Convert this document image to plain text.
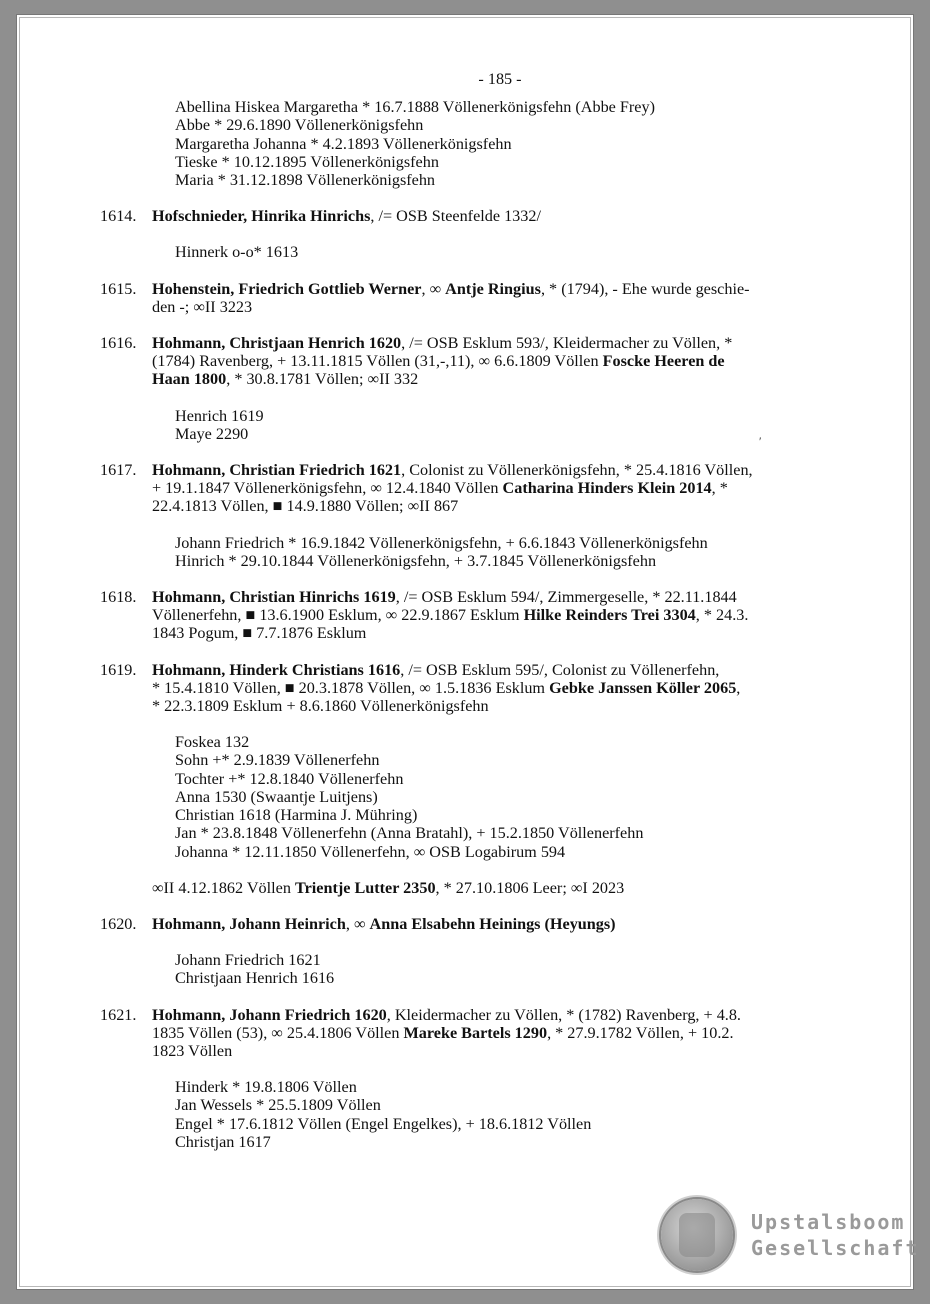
′
- 185 -
Abellina Hiskea Margaretha * 16.7.1888 Völlenerkönigsfehn (Abbe Frey)
Abbe * 29.6.1890 Völlenerkönigsfehn
Margaretha Johanna * 4.2.1893 Völlenerkönigsfehn
Tieske * 10.12.1895 Völlenerkönigsfehn
Maria * 31.12.1898 Völlenerkönigsfehn
1614. Hofschnieder, Hinrika Hinrichs, /= OSB Steenfelde 1332/
Hinnerk o-o* 1613
1615. Hohenstein, Friedrich Gottlieb Werner, ∞ Antje Ringius, * (1794), - Ehe wurde geschie-
den -; ∞II 3223
1616. Hohmann, Christjaan Henrich 1620, /= OSB Esklum 593/, Kleidermacher zu Völlen, *
(1784) Ravenberg, + 13.11.1815 Völlen (31,-,11), ∞ 6.6.1809 Völlen Foscke Heeren de
Haan 1800, * 30.8.1781 Völlen; ∞II 332
Henrich 1619
Maye 2290
1617. Hohmann, Christian Friedrich 1621, Colonist zu Völlenerkönigsfehn, * 25.4.1816 Völlen,
+ 19.1.1847 Völlenerkönigsfehn, ∞ 12.4.1840 Völlen Catharina Hinders Klein 2014, *
22.4.1813 Völlen, ■ 14.9.1880 Völlen; ∞II 867
Johann Friedrich * 16.9.1842 Völlenerkönigsfehn, + 6.6.1843 Völlenerkönigsfehn
Hinrich * 29.10.1844 Völlenerkönigsfehn, + 3.7.1845 Völlenerkönigsfehn
1618. Hohmann, Christian Hinrichs 1619, /= OSB Esklum 594/, Zimmergeselle, * 22.11.1844
Völlenerfehn, ■ 13.6.1900 Esklum, ∞ 22.9.1867 Esklum Hilke Reinders Trei 3304, * 24.3.
1843 Pogum, ■ 7.7.1876 Esklum
1619. Hohmann, Hinderk Christians 1616, /= OSB Esklum 595/, Colonist zu Völlenerfehn,
* 15.4.1810 Völlen, ■ 20.3.1878 Völlen, ∞ 1.5.1836 Esklum Gebke Janssen Köller 2065,
* 22.3.1809 Esklum + 8.6.1860 Völlenerkönigsfehn
Foskea 132
Sohn +* 2.9.1839 Völlenerfehn
Tochter +* 12.8.1840 Völlenerfehn
Anna 1530 (Swaantje Luitjens)
Christian 1618 (Harmina J. Mühring)
Jan * 23.8.1848 Völlenerfehn (Anna Bratahl), + 15.2.1850 Völlenerfehn
Johanna * 12.11.1850 Völlenerfehn, ∞ OSB Logabirum 594
∞II 4.12.1862 Völlen Trientje Lutter 2350, * 27.10.1806 Leer; ∞I 2023
1620. Hohmann, Johann Heinrich, ∞ Anna Elsabehn Heinings (Heyungs)
Johann Friedrich 1621
Christjaan Henrich 1616
1621. Hohmann, Johann Friedrich 1620, Kleidermacher zu Völlen, * (1782) Ravenberg, + 4.8.
1835 Völlen (53), ∞ 25.4.1806 Völlen Mareke Bartels 1290, * 27.9.1782 Völlen, + 10.2.
1823 Völlen
Hinderk * 19.8.1806 Völlen
Jan Wessels * 25.5.1809 Völlen
Engel * 17.6.1812 Völlen (Engel Engelkes), + 18.6.1812 Völlen
Christjan 1617
Upstalsboom
Gesellschaft
